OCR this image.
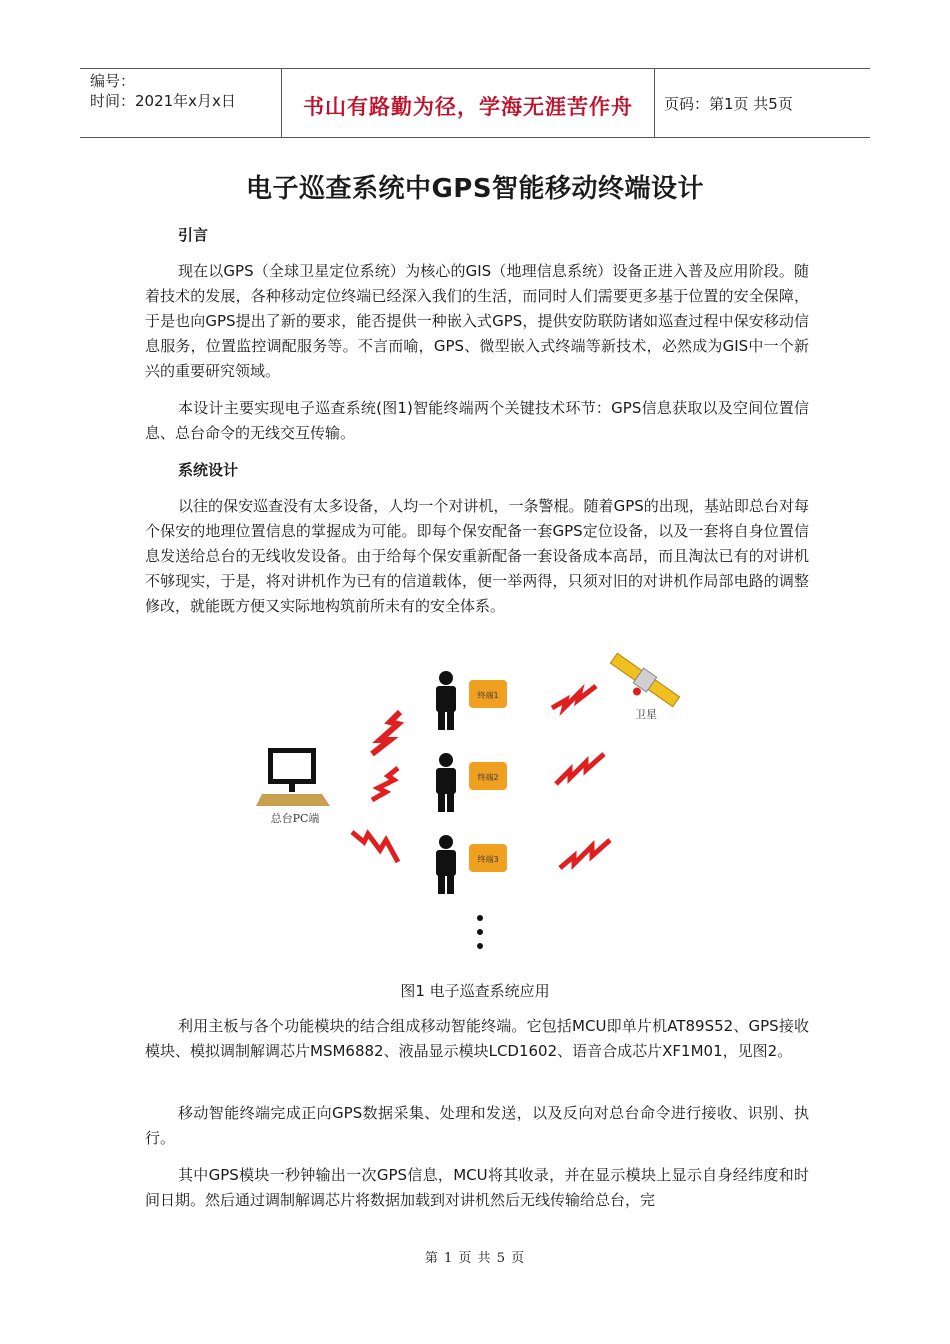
编号：
时间：2021年x月x日	书山有路勤为径，学海无涯苦作舟	页码：第1页 共5页
电子巡查系统中GPS智能移动终端设计
引言

现在以GPS（全球卫星定位系统）为核心的GIS（地理信息系统）设备正进入普及应用阶段。随着技术的发展，各种移动定位终端已经深入我们的生活，而同时人们需要更多基于位置的安全保障，于是也向GPS提出了新的要求，能否提供一种嵌入式GPS，提供安防联防诸如巡查过程中保安移动信息服务，位置监控调配服务等。不言而喻，GPS、微型嵌入式终端等新技术，必然成为GIS中一个新兴的重要研究领域。

本设计主要实现电子巡查系统(图1)智能终端两个关键技术环节：GPS信息获取以及空间位置信息、总台命令的无线交互传输。

系统设计

以往的保安巡查没有太多设备，人均一个对讲机，一条警棍。随着GPS的出现，基站即总台对每个保安的地理位置信息的掌握成为可能。即每个保安配备一套GPS定位设备，以及一套将自身位置信息发送给总台的无线收发设备。由于给每个保安重新配备一套设备成本高昂，而且淘汰已有的对讲机不够现实，于是，将对讲机作为已有的信道载体，便一举两得，只须对旧的对讲机作局部电路的调整修改，就能既方便又实际地构筑前所未有的安全体系。

总台PC端
终端1
终端2
终端3
卫星
图1 电子巡查系统应用

利用主板与各个功能模块的结合组成移动智能终端。它包括MCU即单片机AT89S52、GPS接收模块、模拟调制解调芯片MSM6882、液晶显示模块LCD1602、语音合成芯片XF1M01，见图2。

移动智能终端完成正向GPS数据采集、处理和发送，以及反向对总台命令进行接收、识别、执行。

其中GPS模块一秒钟输出一次GPS信息，MCU将其收录，并在显示模块上显示自身经纬度和时间日期。然后通过调制解调芯片将数据加载到对讲机然后无线传输给总台，完

第 1 页 共 5 页
